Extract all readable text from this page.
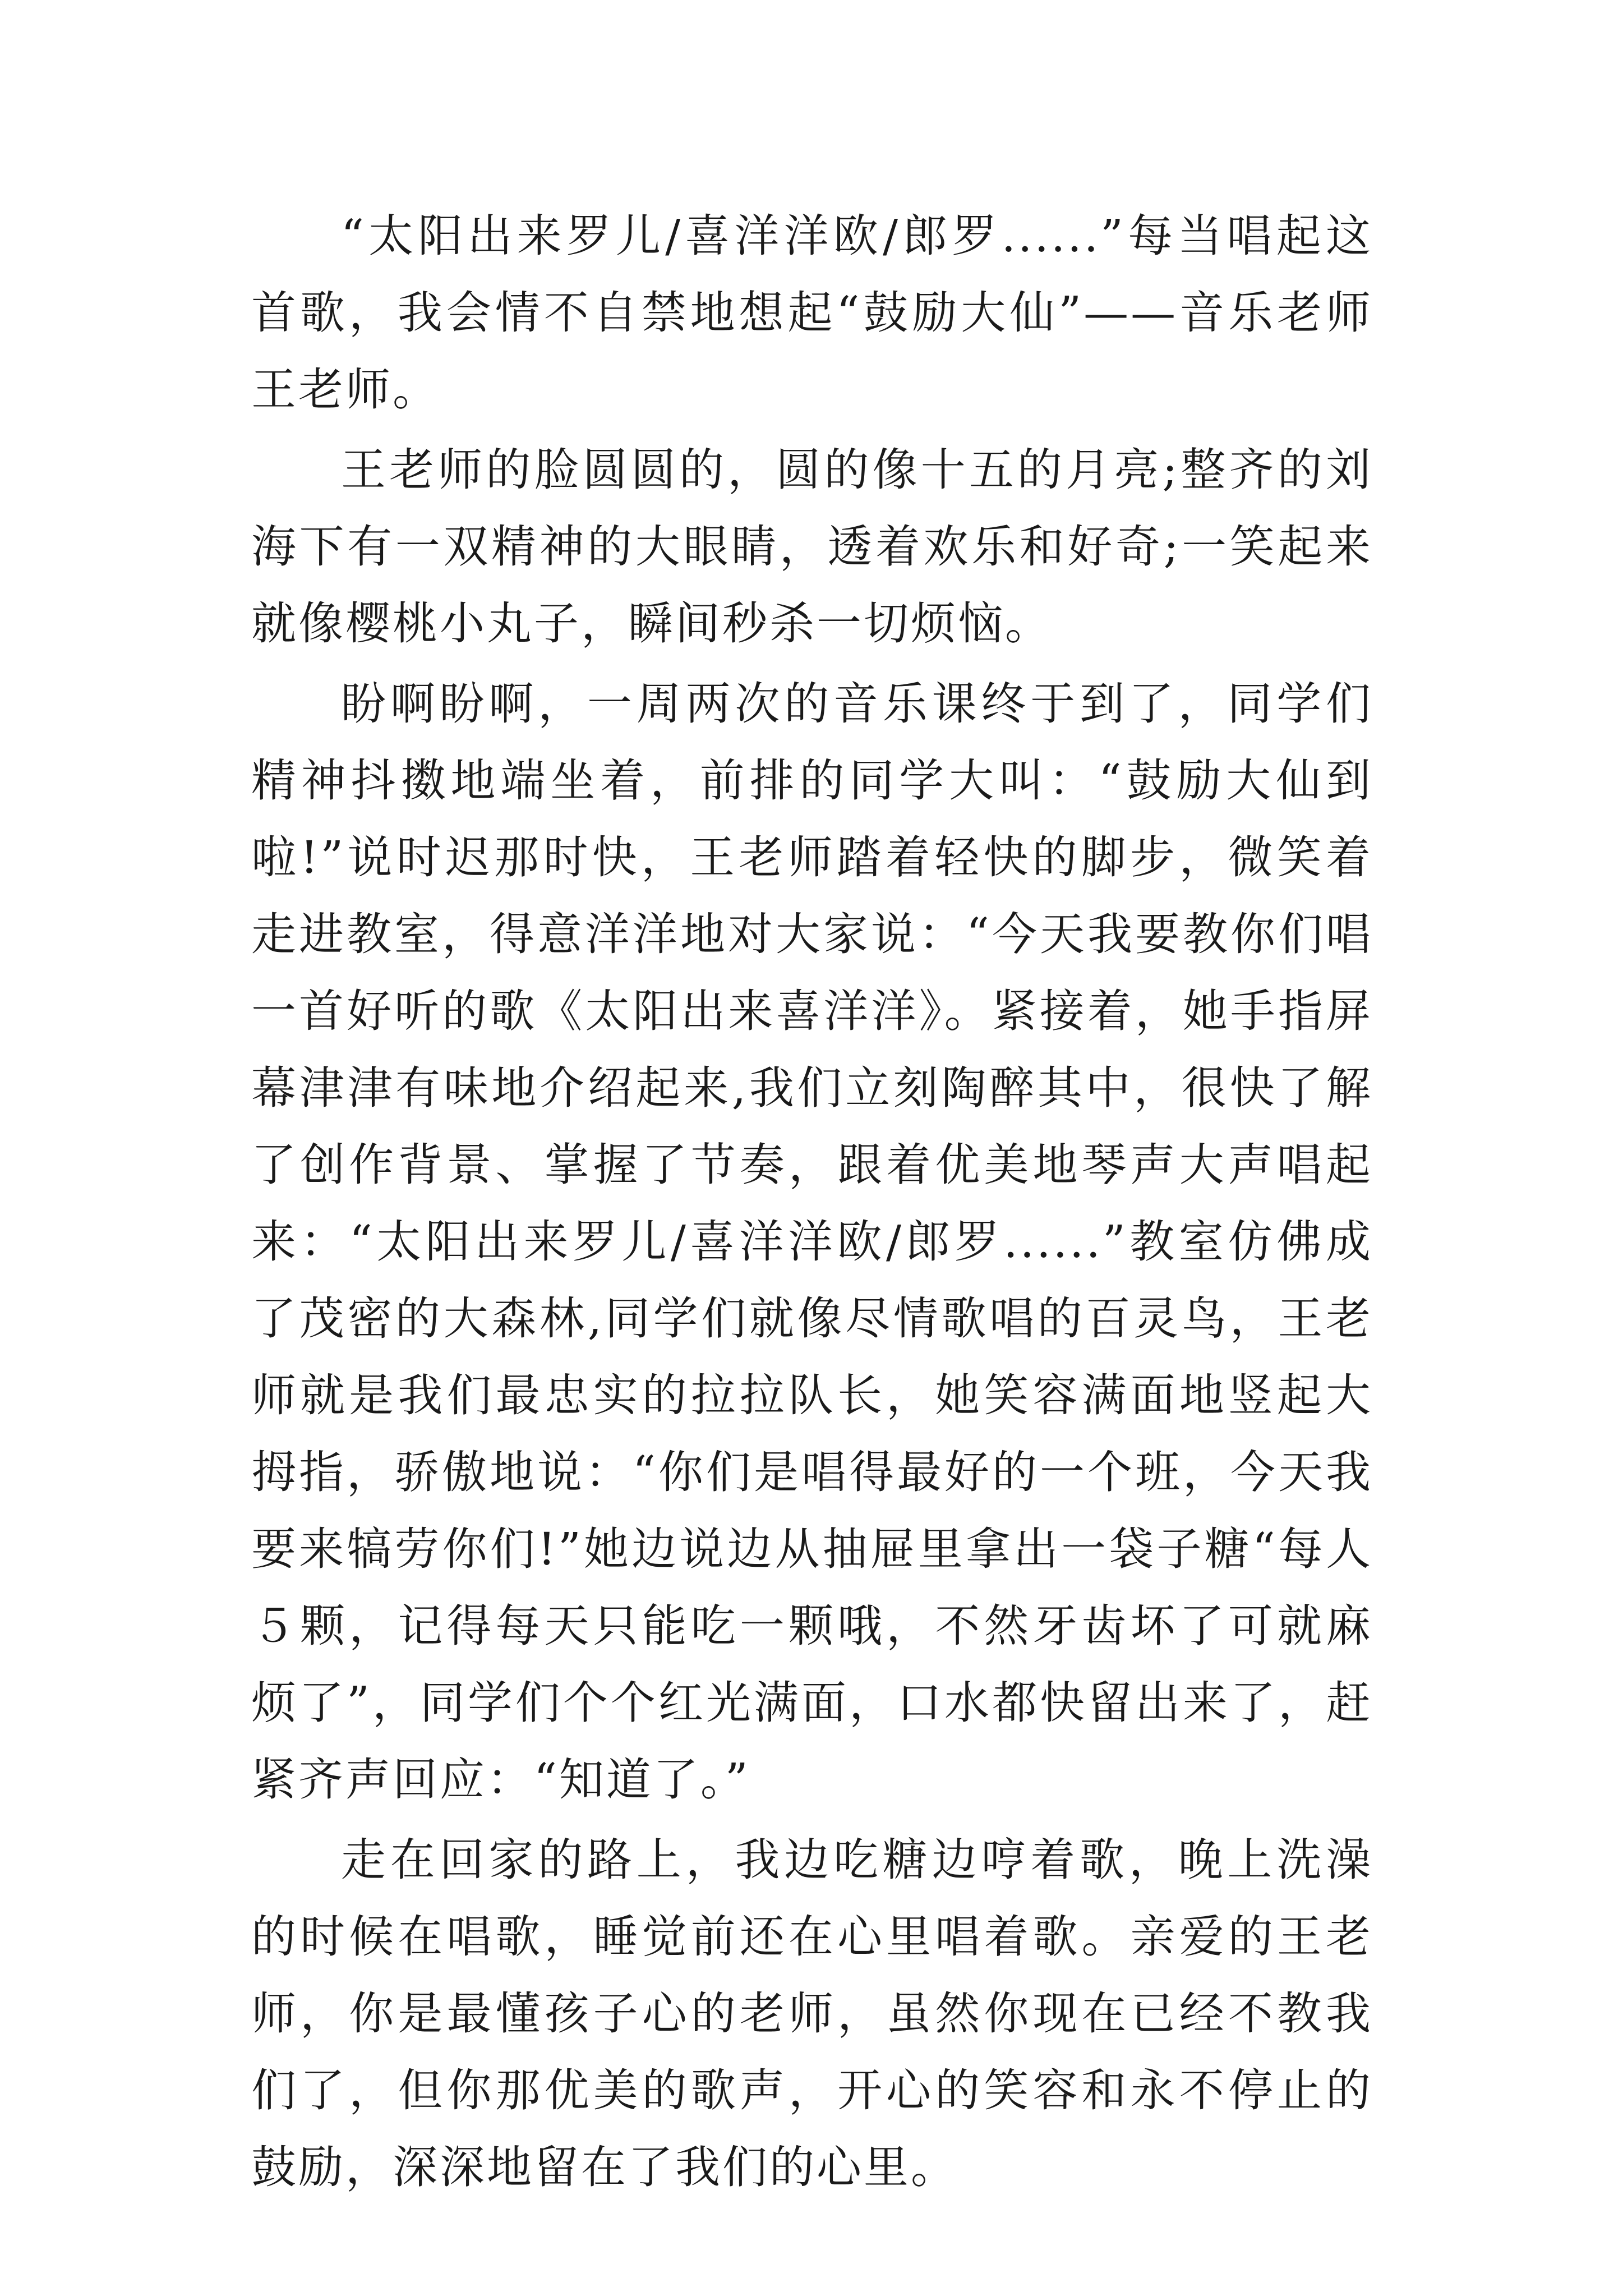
“太阳出来罗儿/喜洋洋欧/郎罗......”每当唱起这首歌，我会情不自禁地想起“鼓励大仙”——音乐老师王老师。

王老师的脸圆圆的，圆的像十五的月亮;整齐的刘海下有一双精神的大眼睛，透着欢乐和好奇;一笑起来就像樱桃小丸子，瞬间秒杀一切烦恼。

盼啊盼啊，一周两次的音乐课终于到了，同学们精神抖擞地端坐着，前排的同学大叫：“鼓励大仙到啦!”说时迟那时快，王老师踏着轻快的脚步，微笑着走进教室，得意洋洋地对大家说：“今天我要教你们唱一首好听的歌《太阳出来喜洋洋》。紧接着，她手指屏幕津津有味地介绍起来,我们立刻陶醉其中，很快了解了创作背景、掌握了节奏，跟着优美地琴声大声唱起来：“太阳出来罗儿/喜洋洋欧/郎罗......”教室仿佛成了茂密的大森林,同学们就像尽情歌唱的百灵鸟，王老师就是我们最忠实的拉拉队长，她笑容满面地竖起大拇指，骄傲地说：“你们是唱得最好的一个班，今天我要来犒劳你们!”她边说边从抽屉里拿出一袋子糖“每人５颗，记得每天只能吃一颗哦，不然牙齿坏了可就麻烦了”，同学们个个红光满面，口水都快留出来了，赶紧齐声回应：“知道了。”

走在回家的路上，我边吃糖边哼着歌，晚上洗澡的时候在唱歌，睡觉前还在心里唱着歌。亲爱的王老师，你是最懂孩子心的老师，虽然你现在已经不教我们了，但你那优美的歌声，开心的笑容和永不停止的鼓励，深深地留在了我们的心里。
